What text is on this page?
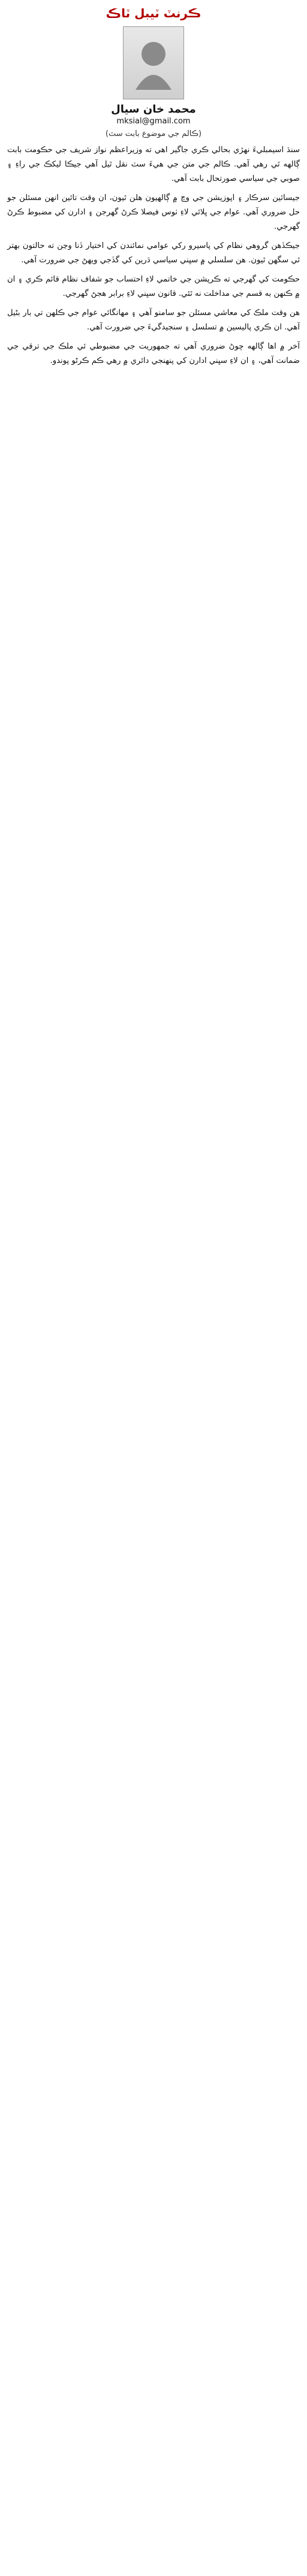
ڪرنٽ ٽيبل ٽاڪ
محمد خان سيال
mksial@gmail.com
(ڪالم جي موضوع بابت سٽ)

سنڌ اسيمبليءَ نهڙي بحالي ڪري جاگير اهي ته وزيراعظم نواز شريف جي حڪومت بابت ڳالهه ٿي رهي آهي. ڪالم جي متن جي هيءَ سٽ نقل ٿيل آهي جيڪا ليکڪ جي راءِ ۽ صوبي جي سياسي صورتحال بابت آهي.

جيسائين سرڪار ۽ اپوزيشن جي وچ ۾ ڳالهيون هلن ٿيون، ان وقت تائين انهن مسئلن جو حل ضروري آهي. عوام جي ڀلائي لاءِ ٺوس فيصلا ڪرڻ گهرجن ۽ ادارن کي مضبوط ڪرڻ گهرجي.

جيڪڏهن گروهي نظام کي پاسيرو رکي عوامي نمائندن کي اختيار ڏنا وڃن ته حالتون بهتر ٿي سگهن ٿيون. هن سلسلي ۾ سڀني سياسي ڌرين کي گڏجي ويهڻ جي ضرورت آهي.

حڪومت کي گهرجي ته ڪرپشن جي خاتمي لاءِ احتساب جو شفاف نظام قائم ڪري ۽ ان ۾ ڪنهن به قسم جي مداخلت نه ٿئي. قانون سڀني لاءِ برابر هجڻ گهرجي.

هن وقت ملڪ کي معاشي مسئلن جو سامنو آهي ۽ مهانگائي عوام جي ڪلهن تي بار بڻيل آهي. ان ڪري پاليسين ۾ تسلسل ۽ سنجيدگيءَ جي ضرورت آهي.

آخر ۾ اها ڳالهه چوڻ ضروري آهي ته جمهوريت جي مضبوطي ئي ملڪ جي ترقي جي ضمانت آهي، ۽ ان لاءِ سڀني ادارن کي پنهنجي دائري ۾ رهي ڪم ڪرڻو پوندو.
